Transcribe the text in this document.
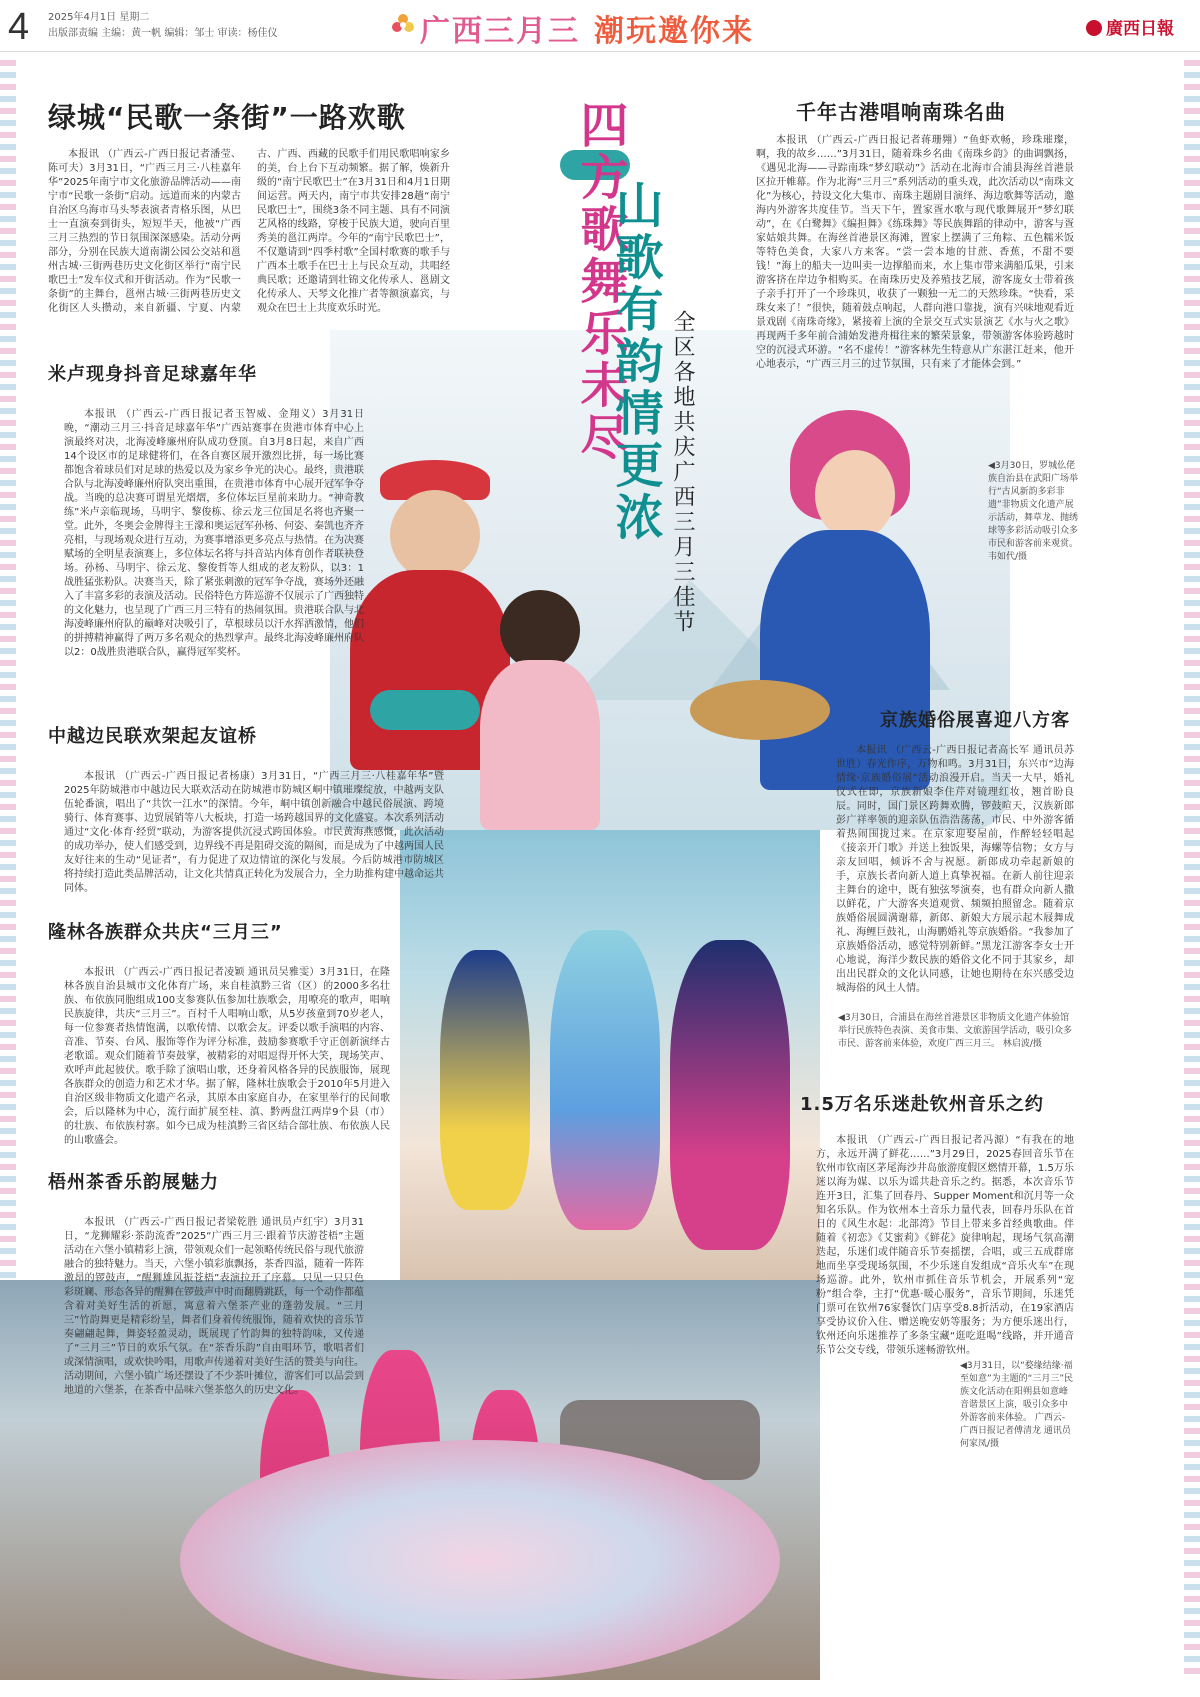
4 2025年4月1日 星期二
出版部责编 主编：黄一帆 编辑：邹士 审读：杨佳仪	广西三月三 潮玩邀你来	廣西日報
四方歌舞乐未尽
山歌有韵情更浓 全区各地共庆广西三月三佳节
绿城“民歌一条街”一路欢歌

本报讯 （广西云-广西日报记者潘莹、陈可夫）3月31日，“广西三月三·八桂嘉年华”2025年南宁市文化旅游品牌活动——南宁市“民歌一条街”启动。远道而来的内蒙古自治区乌海市马头琴表演者青格乐图，从巴士一直演奏到街头，短短半天，他被“广西三月三热烈的节日氛围深深感染。活动分两部分，分别在民族大道南湖公园公交站和邕州古城·三街两巷历史文化街区举行“南宁民歌巴士”发车仪式和开街活动。作为“民歌一条街”的主舞台，邕州古城·三街两巷历史文化街区人头攒动，来自新疆、宁夏、内蒙古、广西、西藏的民歌手们用民歌唱响家乡的美，台上台下互动频繁。据了解，焕新升级的“南宁民歌巴士”在3月31日和4月1日期间运营。两天内，南宁市共安排28趟“南宁民歌巴士”，围绕3条不同主题、具有不同演艺风格的线路，穿梭于民族大道，驶向百里秀美的邕江两岸。今年的“南宁民歌巴士”，不仅邀请到“四季村歌”全国村歌赛的歌手与广西本土歌手在巴士上与民众互动，共唱经典民歌；还邀请到壮锦文化传承人、邕剧文化传承人、天琴文化推广者等额演嘉宾，与观众在巴士上共度欢乐时光。

米卢现身抖音足球嘉年华

本报讯 （广西云-广西日报记者玉智威、金翔义）3月31日晚，“潮动三月三·抖音足球嘉年华”广西站赛事在贵港市体育中心上演最终对决，北海凌峰廉州府队成功登顶。自3月8日起，来自广西14个设区市的足球健将们，在各自赛区展开激烈比拼，每一场比赛都饱含着球员们对足球的热爱以及为家乡争光的决心。最终，贵港联合队与北海凌峰廉州府队突出重围，在贵港市体育中心展开冠军争夺战。当晚的总决赛可谓星光熠熠，多位体坛巨星前来助力。“神奇教练”米卢亲临现场，马明宇、黎俊栋、徐云龙三位国足名将也齐聚一堂。此外，冬奥会金牌得主王濛和奥运冠军孙杨、何姿、秦凯也齐齐亮相，与现场观众进行互动，为赛事增添更多亮点与热情。在为决赛赋场的全明星表演赛上，多位体坛名将与抖音站内体育创作者联袂登场。孙杨、马明宇、徐云龙、黎俊哲等人组成的老友粉队，以3：1战胜猛张粉队。决赛当天，除了紧张刺激的冠军争夺战，赛场外还融入了丰富多彩的表演及活动。民俗特色方阵巡游不仅展示了广西独特的文化魅力，也呈现了广西三月三特有的热闹氛围。贵港联合队与北海凌峰廉州府队的巅峰对决吸引了，草根球员以汗水挥洒激情，他们的拼搏精神赢得了两万多名观众的热烈掌声。最终北海凌峰廉州府队以2：0战胜贵港联合队，赢得冠军奖杯。

中越边民联欢架起友谊桥

本报讯 （广西云-广西日报记者杨康）3月31日，“广西三月三·八桂嘉年华”暨2025年防城港市中越边民大联欢活动在防城港市防城区峒中镇璀璨绽放，中越两支队伍轮番演，唱出了“共饮一江水”的深情。今年，峒中镇创新融合中越民俗展演、跨境骑行、体育赛事、边贸展销等八大板块，打造一场跨越国界的文化盛宴。本次系列活动通过“文化·体育·经贸”联动，为游客提供沉浸式跨国体验。市民黄海燕感慨，此次活动的成功举办，使人们感受到，边界线不再是阻碍交流的隔阂，而是成为了中越两国人民友好往来的生动“见证者”，有力促进了双边情谊的深化与发展。今后防城港市防城区将持续打造此类品牌活动，让文化共情真正转化为发展合力，全力助推构建中越命运共同体。

隆林各族群众共庆“三月三”

本报讯 （广西云-广西日报记者凌颖 通讯员吴雅雯）3月31日，在隆林各族自治县城市文化体育广场，来自桂滇黔三省（区）的2000多名壮族、布依族同胞组成100支参赛队伍参加壮族歌会，用嘹亮的歌声，唱响民族旋律，共庆“三月三”。百村千人唱响山歌，从5岁孩童到70岁老人，每一位参赛者热情饱满，以歌传情、以歌会友。评委以歌手演唱的内容、音准、节奏、台风、服饰等作为评分标准，鼓励参赛歌手守正创新演绎古老歌谣。观众们随着节奏鼓掌，被精彩的对唱逗得开怀大笑，现场笑声、欢呼声此起彼伏。歌手除了演唱山歌，还身着风格各异的民族服饰，展现各族群众的创造力和艺术才华。据了解，隆林壮族歌会于2010年5月进入自治区级非物质文化遗产名录，其原本由家庭自办，在家里举行的民间歌会，后以隆林为中心，流行面扩展至桂、滇、黔两盘江两岸9个县（市）的壮族、布依族村寨。如今已成为桂滇黔三省区结合部壮族、布依族人民的山歌盛会。

梧州茶香乐韵展魅力

本报讯 （广西云-广西日报记者梁乾胜 通讯员卢红宇）3月31日，“龙狮耀彩·茶韵流香”2025“广西三月三·跟着节庆游苍梧”主题活动在六堡小镇精彩上演，带领观众们一起领略传统民俗与现代旅游融合的独特魅力。当天，六堡小镇彩旗飘扬，茶香四溢，随着一阵阵激昂的锣鼓声，“醒狮雄风振苍梧”表演拉开了序幕。只见一只只色彩斑斓、形态各异的醒狮在锣鼓声中时而翻腾跳跃，每一个动作都蕴含着对美好生活的祈愿，寓意着六堡茶产业的蓬勃发展。“三月三”竹韵舞更是精彩纷呈，舞者们身着传统服饰，随着欢快的音乐节奏翩翩起舞，舞姿轻盈灵动，既展现了竹韵舞的独特韵味，又传递了“三月三”节日的欢乐气氛。在“茶香乐韵”自由唱环节，歌唱者们或深情演唱，或欢快吟唱，用歌声传递着对美好生活的赞美与向往。活动期间，六堡小镇广场还摆设了不少茶叶摊位，游客们可以品尝到地道的六堡茶，在茶香中品味六堡茶悠久的历史文化。

千年古港唱响南珠名曲

本报讯 （广西云-广西日报记者蒋珊翙）“鱼虾欢畅，珍珠璀璨，啊，我的故乡……”3月31日，随着珠乡名曲《南珠乡韵》的曲调飘扬，《遇见北海——寻踪南珠“梦幻联动”》活动在北海市合浦县海丝首港景区拉开帷幕。作为北海“三月三”系列活动的重头戏，此次活动以“南珠文化”为核心，持设文化大集市、南珠主题剧目演绎、海边歌舞等活动，邀海内外游客共度佳节。当天下午，置家疍水歌与现代歌舞展开“梦幻联动”，在《白鹭舞》《编担舞》《练珠舞》等民族舞蹈的律动中，游客与疍家姑娘共舞。在海丝首港景区海滩，置家上摆满了三角粽、五色糯米饭等特色美食，大家八方来客。“尝一尝本地的甘蔗、香蕉，不甜不要钱！”海上的船夫一边叫卖一边撑船而来，水上集市带来满船瓜果，引来游客挤在岸边争相购买。在南珠历史及养殖技艺展，游客庞女士带着孩子亲手打开了一个珍珠贝，收获了一颗独一无二的天然珍珠。“快看，采珠女来了！”很快，随着鼓点响起，人群向港口靠拢，演有兴味地观看近景戏剧《南珠奇缘》，紧接着上演的全景交互式实景演艺《水与火之歌》再现两千多年前合浦始发港舟楫往来的繁荣景象，带领游客体验跨越时空的沉浸式环游。“名不虚传！”游客林先生特意从广东湛江赶来，他开心地表示，“广西三月三的过节氛围，只有来了才能体会到。”

◀3月30日，罗城仫佬族自治县在武阳广场举行“古风新韵多彩非遗”非物质文化遗产展示活动，舞草龙、抛绣球等多彩活动吸引众多市民和游客前来观赏。 韦如代/摄
京族婚俗展喜迎八方客

本报讯 （广西云-广西日报记者高长军 通讯员苏世胜）春光作序，万物和鸣。3月31日，东兴市“边海情缘·京族婚俗展”活动浪漫开启。当天一大早，婚礼仪式在即，京族新娘李住芹对镜理红妆，翘首盼良辰。同时，国门景区跨舞欢腾，锣鼓喧天，汉族新郎彭广祥率领的迎亲队伍浩浩荡荡，市民、中外游客循着热闹围拢过来。在京家迎娶屋前，作醉轻轻唱起《接亲开门歌》并送上独饭果，海螺等信物；女方与亲友回唱，倾诉不舍与祝愿。新郎成功牵起新娘的手，京族长者向新人道上真挚祝福。在新人前往迎亲主舞台的途中，既有独弦琴演奏，也有群众向新人撒以鲜花，广大游客夹道观赏、频频拍照留念。随着京族婚俗展圆满谢幕，新郎、新娘大方展示起木屐舞成礼、海鲤巨鼓礼，山海鹏婚礼等京族婚俗。“我参加了京族婚俗活动，感觉特别新鲜。”黑龙江游客李女士开心地说，海洋少数民族的婚俗文化不同于其家乡，却出出民群众的文化认同感，让她也期待在东兴感受边城海俗的风土人情。

◀3月30日，合浦县在海丝首港景区非物质文化遗产体验馆举行民族特色表演、美食市集、文旅游国学活动，吸引众多市民、游客前来体验，欢度广西三月三。 林启波/摄
1.5万名乐迷赴钦州音乐之约

本报讯 （广西云-广西日报记者冯源）“有我在的地方，永远开满了鲜花……”3月29日，2025春回音乐节在钦州市钦南区茅尾海沙井岛旅游度假区燃情开幕，1.5万乐迷以海为媒、以乐为谣共赴音乐之约。据悉，本次音乐节连开3日，汇集了回春丹、Supper Moment和沉月等一众知名乐队。作为钦州本土音乐力量代表，回春丹乐队在首日的《风生水起：北部湾》节目上带来多首经典歌曲。伴随着《初恋》《艾蜜莉》《鲜花》旋律响起，现场气氛高潮迭起，乐迷们或伴随音乐节奏摇摆，合唱，或三五成群席地而坐享受现场氛围，不少乐迷自发组成“音乐火车”在现场巡游。此外，钦州市抓住音乐节机会，开展系列“宠粉”组合拳，主打“优惠·暖心服务”，音乐节期间，乐迷凭门票可在钦州76家餐饮门店享受8.8折活动，在19家酒店享受协议价入住、赠送晚安奶等服务；为方便乐迷出行，钦州还向乐迷推荐了多条宝藏“逛吃逛喝”线路，并开通音乐节公交专线，带领乐迷畅游钦州。

◀3月31日，以“婺缘结缘·福至如意”为主题的“三月三”民族文化活动在阳朔县如意峰音谐景区上演，吸引众多中外游客前来体验。 广西云-广西日报记者傅清龙 通讯员何家凤/摄
